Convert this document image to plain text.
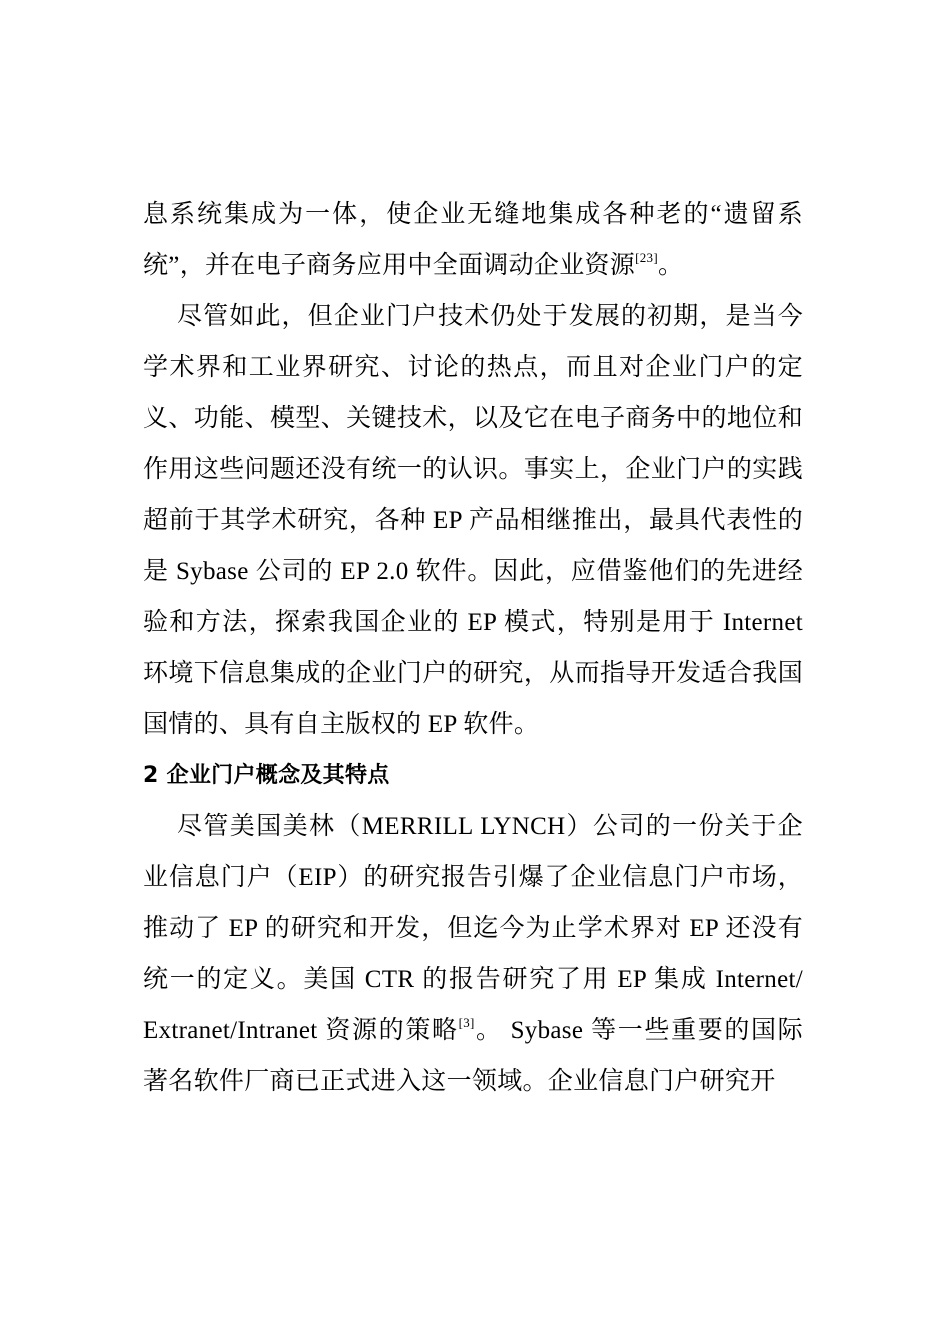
息系统集成为一体，使企业无缝地集成各种老的“遗留系统”，并在电子商务应用中全面调动企业资源[23]。

尽管如此，但企业门户技术仍处于发展的初期，是当今学术界和工业界研究、讨论的热点，而且对企业门户的定义、功能、模型、关键技术，以及它在电子商务中的地位和作用这些问题还没有统一的认识。事实上，企业门户的实践超前于其学术研究，各种 EP 产品相继推出，最具代表性的是 Sybase 公司的 EP 2.0 软件。因此，应借鉴他们的先进经验和方法，探索我国企业的 EP 模式，特别是用于 Internet 环境下信息集成的企业门户的研究，从而指导开发适合我国国情的、具有自主版权的 EP 软件。

2 企业门户概念及其特点

尽管美国美林（MERRILL LYNCH）公司的一份关于企业信息门户（EIP）的研究报告引爆了企业信息门户市场，推动了 EP 的研究和开发，但迄今为止学术界对 EP 还没有统一的定义。美国 CTR 的报告研究了用 EP 集成 Internet/ Extranet/Intranet 资源的策略[3]。 Sybase 等一些重要的国际著名软件厂商已正式进入这一领域。企业信息门户研究开
